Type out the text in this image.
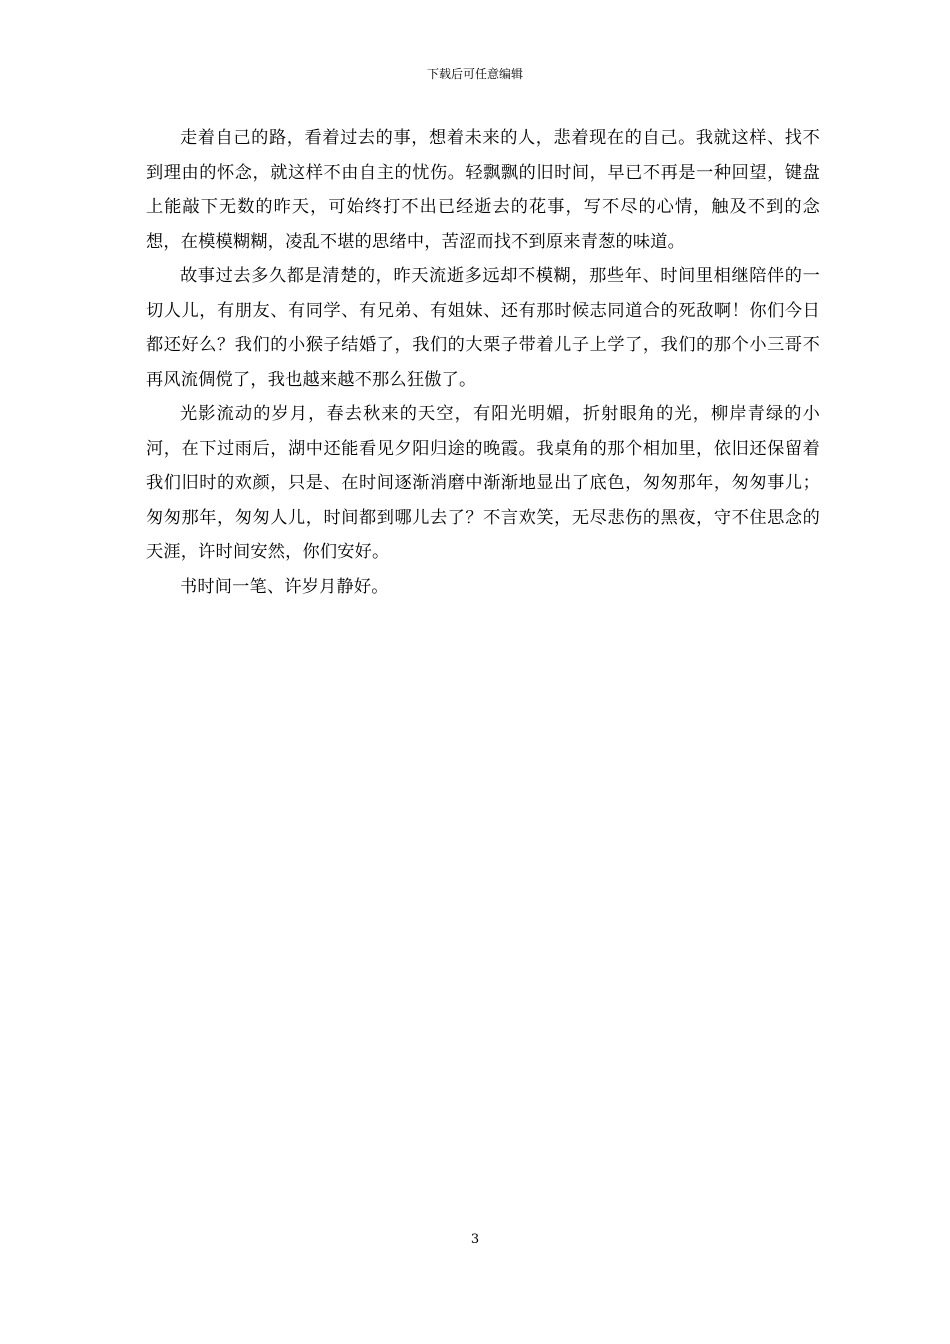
下载后可任意编辑

走着自己的路，看着过去的事，想着未来的人，悲着现在的自己。我就这样、找不到理由的怀念，就这样不由自主的忧伤。轻飘飘的旧时间，早已不再是一种回望，键盘上能敲下无数的昨天，可始终打不出已经逝去的花事，写不尽的心情，触及不到的念想，在模模糊糊，凌乱不堪的思绪中，苦涩而找不到原来青葱的味道。

故事过去多久都是清楚的，昨天流逝多远却不模糊，那些年、时间里相继陪伴的一切人儿，有朋友、有同学、有兄弟、有姐妹、还有那时候志同道合的死敌啊！你们今日都还好么？我们的小猴子结婚了，我们的大栗子带着儿子上学了，我们的那个小三哥不再风流倜傥了，我也越来越不那么狂傲了。

光影流动的岁月，春去秋来的天空，有阳光明媚，折射眼角的光，柳岸青绿的小河，在下过雨后，湖中还能看见夕阳归途的晚霞。我桌角的那个相加里，依旧还保留着我们旧时的欢颜，只是、在时间逐渐消磨中渐渐地显出了底色，匆匆那年，匆匆事儿；匆匆那年，匆匆人儿，时间都到哪儿去了？不言欢笑，无尽悲伤的黑夜，守不住思念的天涯，许时间安然，你们安好。

书时间一笔、许岁月静好。

3
